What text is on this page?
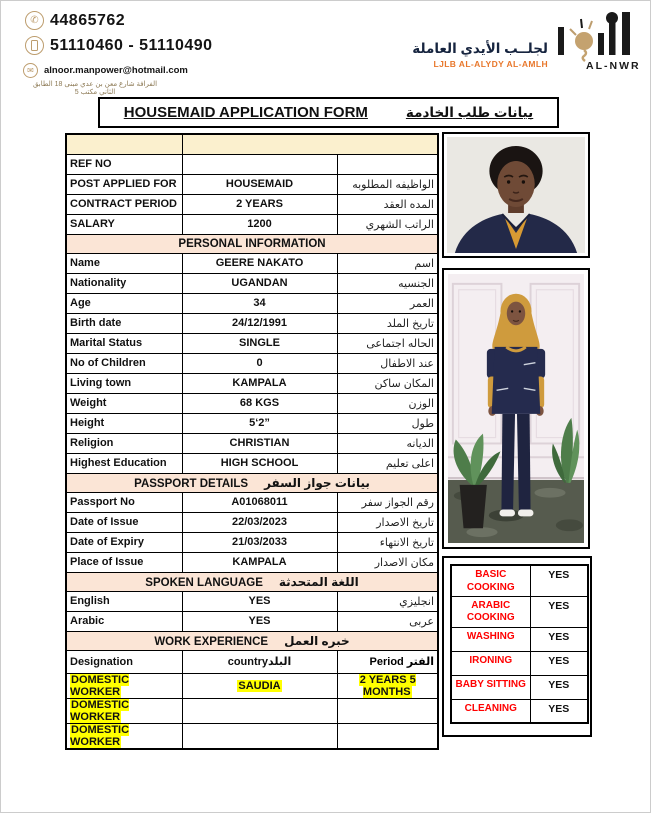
✆ 44865762
51110460 - 51110490
✉	alnoor.manpower@hotmail.com
الفرافة شارع معن بن عدي مبنى 18 الطابق الثاني مكتب 5
لجلــب الأيدي العاملة
LJLB AL-ALYDY AL-AMLH	AL-NWR
HOUSEMAID APPLICATION FORM	بيانات طلب الخادمة

REF NO		
POST APPLIED FOR	HOUSEMAID	الواظيفه المطلوبه
CONTRACT PERIOD	2 YEARS	المده العقد
SALARY	1200	الراتب الشهري
PERSONAL INFORMATION		
Name	GEERE NAKATO	اسم
Nationality	UGANDAN	الجنسيه
Age	34	العمر
Birth date	24/12/1991	تاريخ الملد
Marital Status	SINGLE	الحاله اجتماعى
No of Children	0	عند الاطفال
Living town	KAMPALA	المكان ساكن
Weight	68 KGS	الوزن
Height	5‘2”	طول
Religion	CHRISTIAN	الديانه
Highest Education	HIGH SCHOOL	اعلى تعليم
PASSPORT DETAILS بيانات جواز السفر		
Passport No	A01068011	رقم الجواز سفر
Date of Issue	22/03/2023	تاريخ الاصدار
Date of Expiry	21/03/2033	تاريخ الانتهاء
Place of Issue	KAMPALA	مكان الاصدار
SPOKEN LANGUAGE اللغة المتحدثة		
English	YES	انجليزي
Arabic	YES	عربى
WORK EXPERIENCE خبره العمل		
Designation	countryالبلد	Period الفتر
DOMESTIC WORKER	SAUDIA	2 YEARS 5 MONTHS
DOMESTIC WORKER		
DOMESTIC WORKER		
BASIC COOKING	YES
ARABIC COOKING	YES
WASHING	YES
IRONING	YES
BABY SITTING	YES
CLEANING	YES
